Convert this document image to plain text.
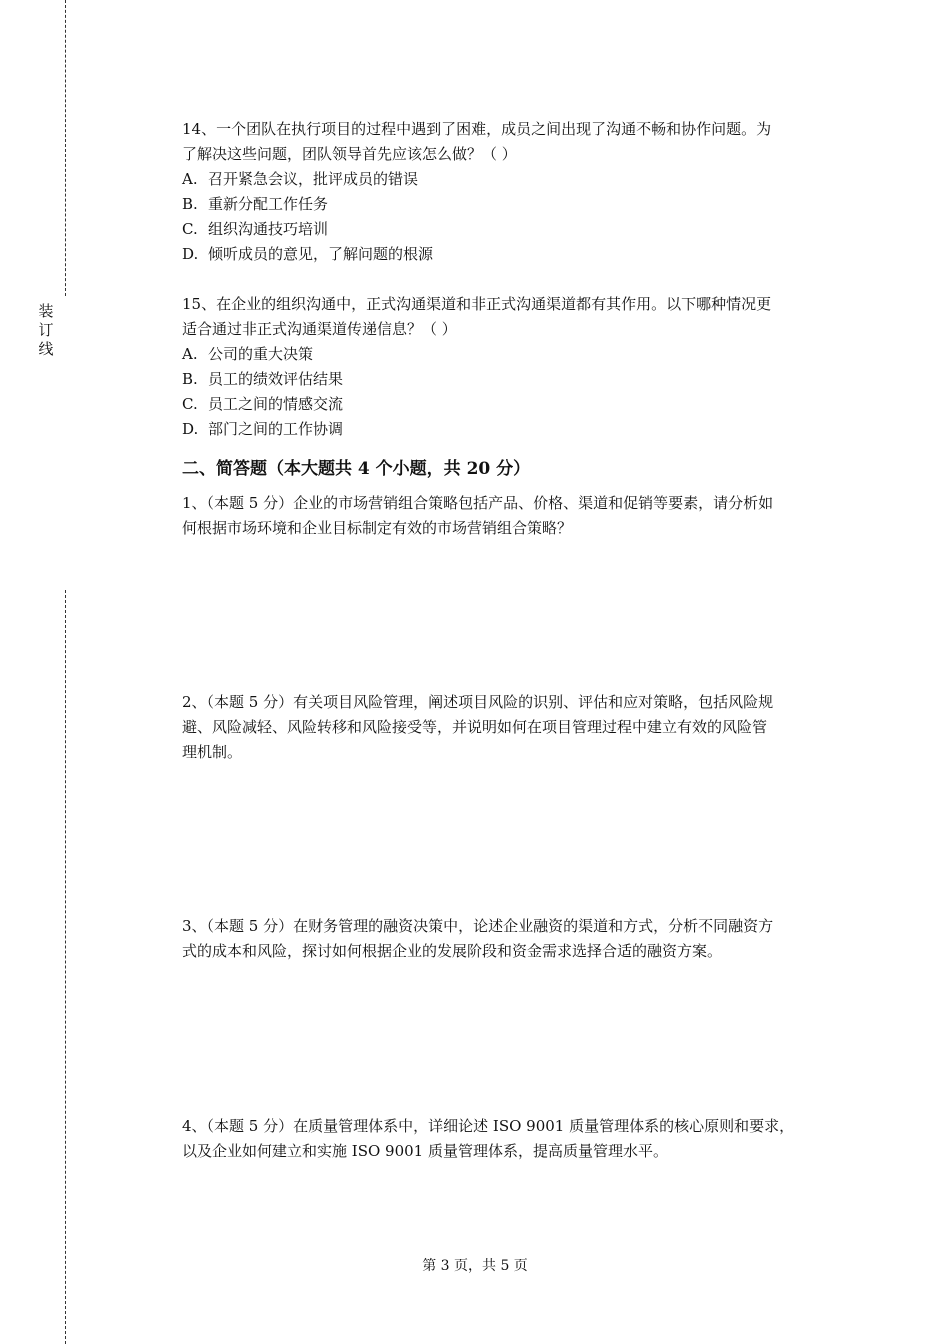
装
订
线
14、一个团队在执行项目的过程中遇到了困难，成员之间出现了沟通不畅和协作问题。为
了解决这些问题，团队领导首先应该怎么做？（ ）
A. 召开紧急会议，批评成员的错误
B. 重新分配工作任务
C. 组织沟通技巧培训
D. 倾听成员的意见，了解问题的根源
15、在企业的组织沟通中，正式沟通渠道和非正式沟通渠道都有其作用。以下哪种情况更
适合通过非正式沟通渠道传递信息？（ ）
A. 公司的重大决策
B. 员工的绩效评估结果
C. 员工之间的情感交流
D. 部门之间的工作协调
二、简答题（本大题共 4 个小题，共 20 分）
1、（本题 5 分）企业的市场营销组合策略包括产品、价格、渠道和促销等要素，请分析如
何根据市场环境和企业目标制定有效的市场营销组合策略？
2、（本题 5 分）有关项目风险管理，阐述项目风险的识别、评估和应对策略，包括风险规
避、风险减轻、风险转移和风险接受等，并说明如何在项目管理过程中建立有效的风险管
理机制。
3、（本题 5 分）在财务管理的融资决策中，论述企业融资的渠道和方式，分析不同融资方
式的成本和风险，探讨如何根据企业的发展阶段和资金需求选择合适的融资方案。
4、（本题 5 分）在质量管理体系中，详细论述 ISO 9001 质量管理体系的核心原则和要求，
以及企业如何建立和实施 ISO 9001 质量管理体系，提高质量管理水平。
第 3 页，共 5 页
